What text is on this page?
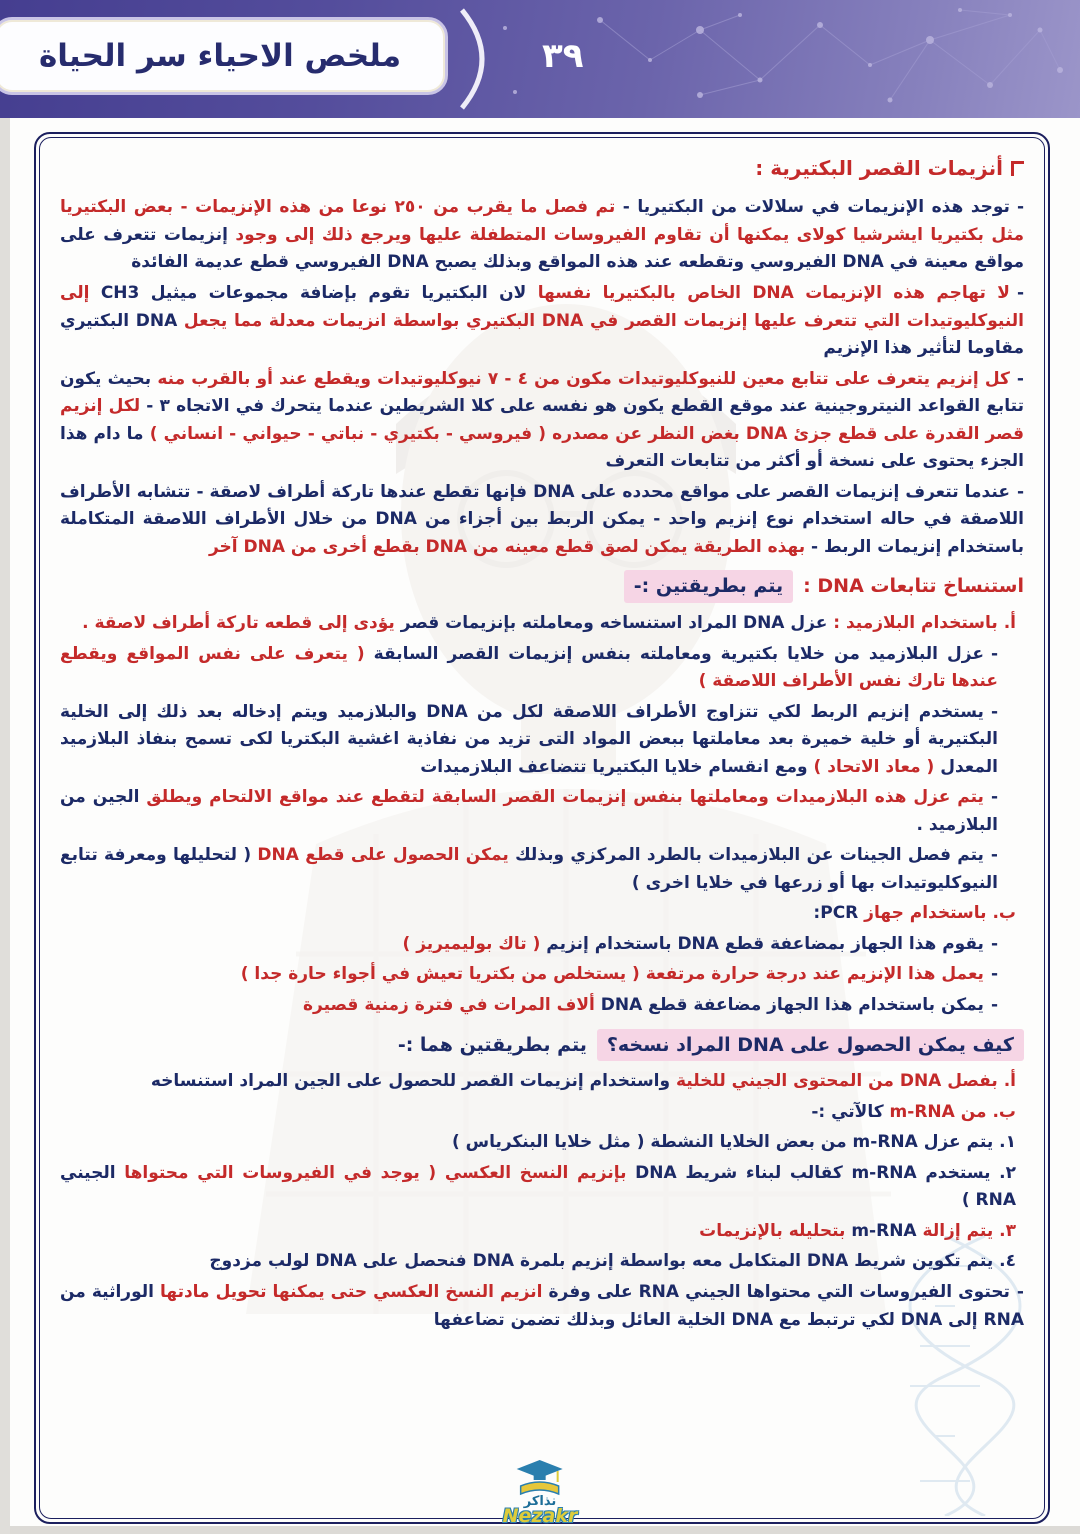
ملخص الاحياء سر الحياة	٣٩
أنزيمات القصر البكتيرية :
-توجد هذه الإنزيمات في سلالات من البكتيريا - تم فصل ما يقرب من ٢٥٠ نوعا من هذه الإنزيمات - بعض البكتيريا مثل بكتيريا ايشرشيا كولاى يمكنها أن تقاوم الفيروسات المتطفلة عليها ويرجع ذلك إلى وجود إنزيمات تتعرف على مواقع معينة في DNA الفيروسي وتقطعه عند هذه المواقع وبذلك يصبح DNA الفيروسي قطع عديمة الفائدة
-لا تهاجم هذه الإنزيمات DNA الخاص بالبكتيريا نفسها لان البكتيريا تقوم بإضافة مجموعات ميثيل CH3 إلى النيوكليوتيدات التي تتعرف عليها إنزيمات القصر في DNA البكتيري بواسطة انزيمات معدلة مما يجعل DNA البكتيري مقاوما لتأثير هذا الإنزيم
-كل إنزيم يتعرف على تتابع معين للنيوكليوتيدات مكون من ٤ - ٧ نيوكليوتيدات ويقطع عند أو بالقرب منه بحيث يكون تتابع القواعد النيتروجينية عند موقع القطع يكون هو نفسه على كلا الشريطين عندما يتحرك في الاتجاه ٣ - لكل إنزيم قصر القدرة على قطع جزئ DNA بغض النظر عن مصدره ( فيروسي - بكتيري - نباتي - حيواني - انساني ) ما دام هذا الجزء يحتوى على نسخة أو أكثر من تتابعات التعرف
-عندما تتعرف إنزيمات القصر على مواقع محدده على DNA فإنها تقطع عندها تاركة أطراف لاصقة - تتشابه الأطراف اللاصقة في حاله استخدام نوع إنزيم واحد - يمكن الربط بين أجزاء من DNA من خلال الأطراف اللاصقة المتكاملة باستخدام إنزيمات الربط - بهذه الطريقة يمكن لصق قطع معينه من DNA بقطع أخرى من DNA آخر
استنساخ تتابعات DNA :
يتم بطريقتين :-
أ. باستخدام البلازميد : عزل DNA المراد استنساخه ومعاملته بإنزيمات قصر يؤدى إلى قطعه تاركة أطراف لاصقة .
-عزل البلازميد من خلايا بكتيرية ومعاملته بنفس إنزيمات القصر السابقة ( يتعرف على نفس المواقع ويقطع عندها تارك نفس الأطراف اللاصقة )
-يستخدم إنزيم الربط لكي تتزاوج الأطراف اللاصقة لكل من DNA والبلازميد ويتم إدخاله بعد ذلك إلى الخلية البكتيرية أو خلية خميرة بعد معاملتها ببعض المواد التى تزيد من نفاذية اغشية البكتريا لكى تسمح بنفاذ البلازميد المعدل ( معاد الاتحاد ) ومع انقسام خلايا البكتيريا تتضاعف البلازميدات
-يتم عزل هذه البلازميدات ومعاملتها بنفس إنزيمات القصر السابقة لتقطع عند مواقع الالتحام ويطلق الجين من البلازميد .
-يتم فصل الجينات عن البلازميدات بالطرد المركزي وبذلك يمكن الحصول على قطع DNA ( لتحليلها ومعرفة تتابع النيوكليوتيدات بها أو زرعها في خلايا اخرى )
ب. باستخدام جهاز PCR:
-يقوم هذا الجهاز بمضاعفة قطع DNA باستخدام إنزيم ( تاك بوليميريز )
-يعمل هذا الإنزيم عند درجة حرارة مرتفعة ( يستخلص من بكتريا تعيش في أجواء حارة جدا )
-يمكن باستخدام هذا الجهاز مضاعفة قطع DNA ألاف المرات في فترة زمنية قصيرة
كيف يمكن الحصول على DNA المراد نسخه؟
يتم بطريقتين هما :-
أ. بفصل DNA من المحتوى الجيني للخلية واستخدام إنزيمات القصر للحصول على الجين المراد استنساخه
ب. من m-RNA كالآتي :-
١. يتم عزل m-RNA من بعض الخلايا النشطة ( مثل خلايا البنكرياس )
٢. يستخدم m-RNA كقالب لبناء شريط DNA بإنزيم النسخ العكسي ( يوجد في الفيروسات التي محتواها الجيني RNA )
٣. يتم إزالة m-RNA بتحليله بالإنزيمات
٤. يتم تكوين شريط DNA المتكامل معه بواسطة إنزيم بلمرة DNA فنحصل على DNA لولب مزدوج
-تحتوى الفيروسات التي محتواها الجيني RNA على وفرة انزيم النسخ العكسي حتى يمكنها تحويل مادتها الوراثية من RNA إلى DNA لكي ترتبط مع DNA الخلية العائل وبذلك تضمن تضاعفها
نذاكر
Nezakr
